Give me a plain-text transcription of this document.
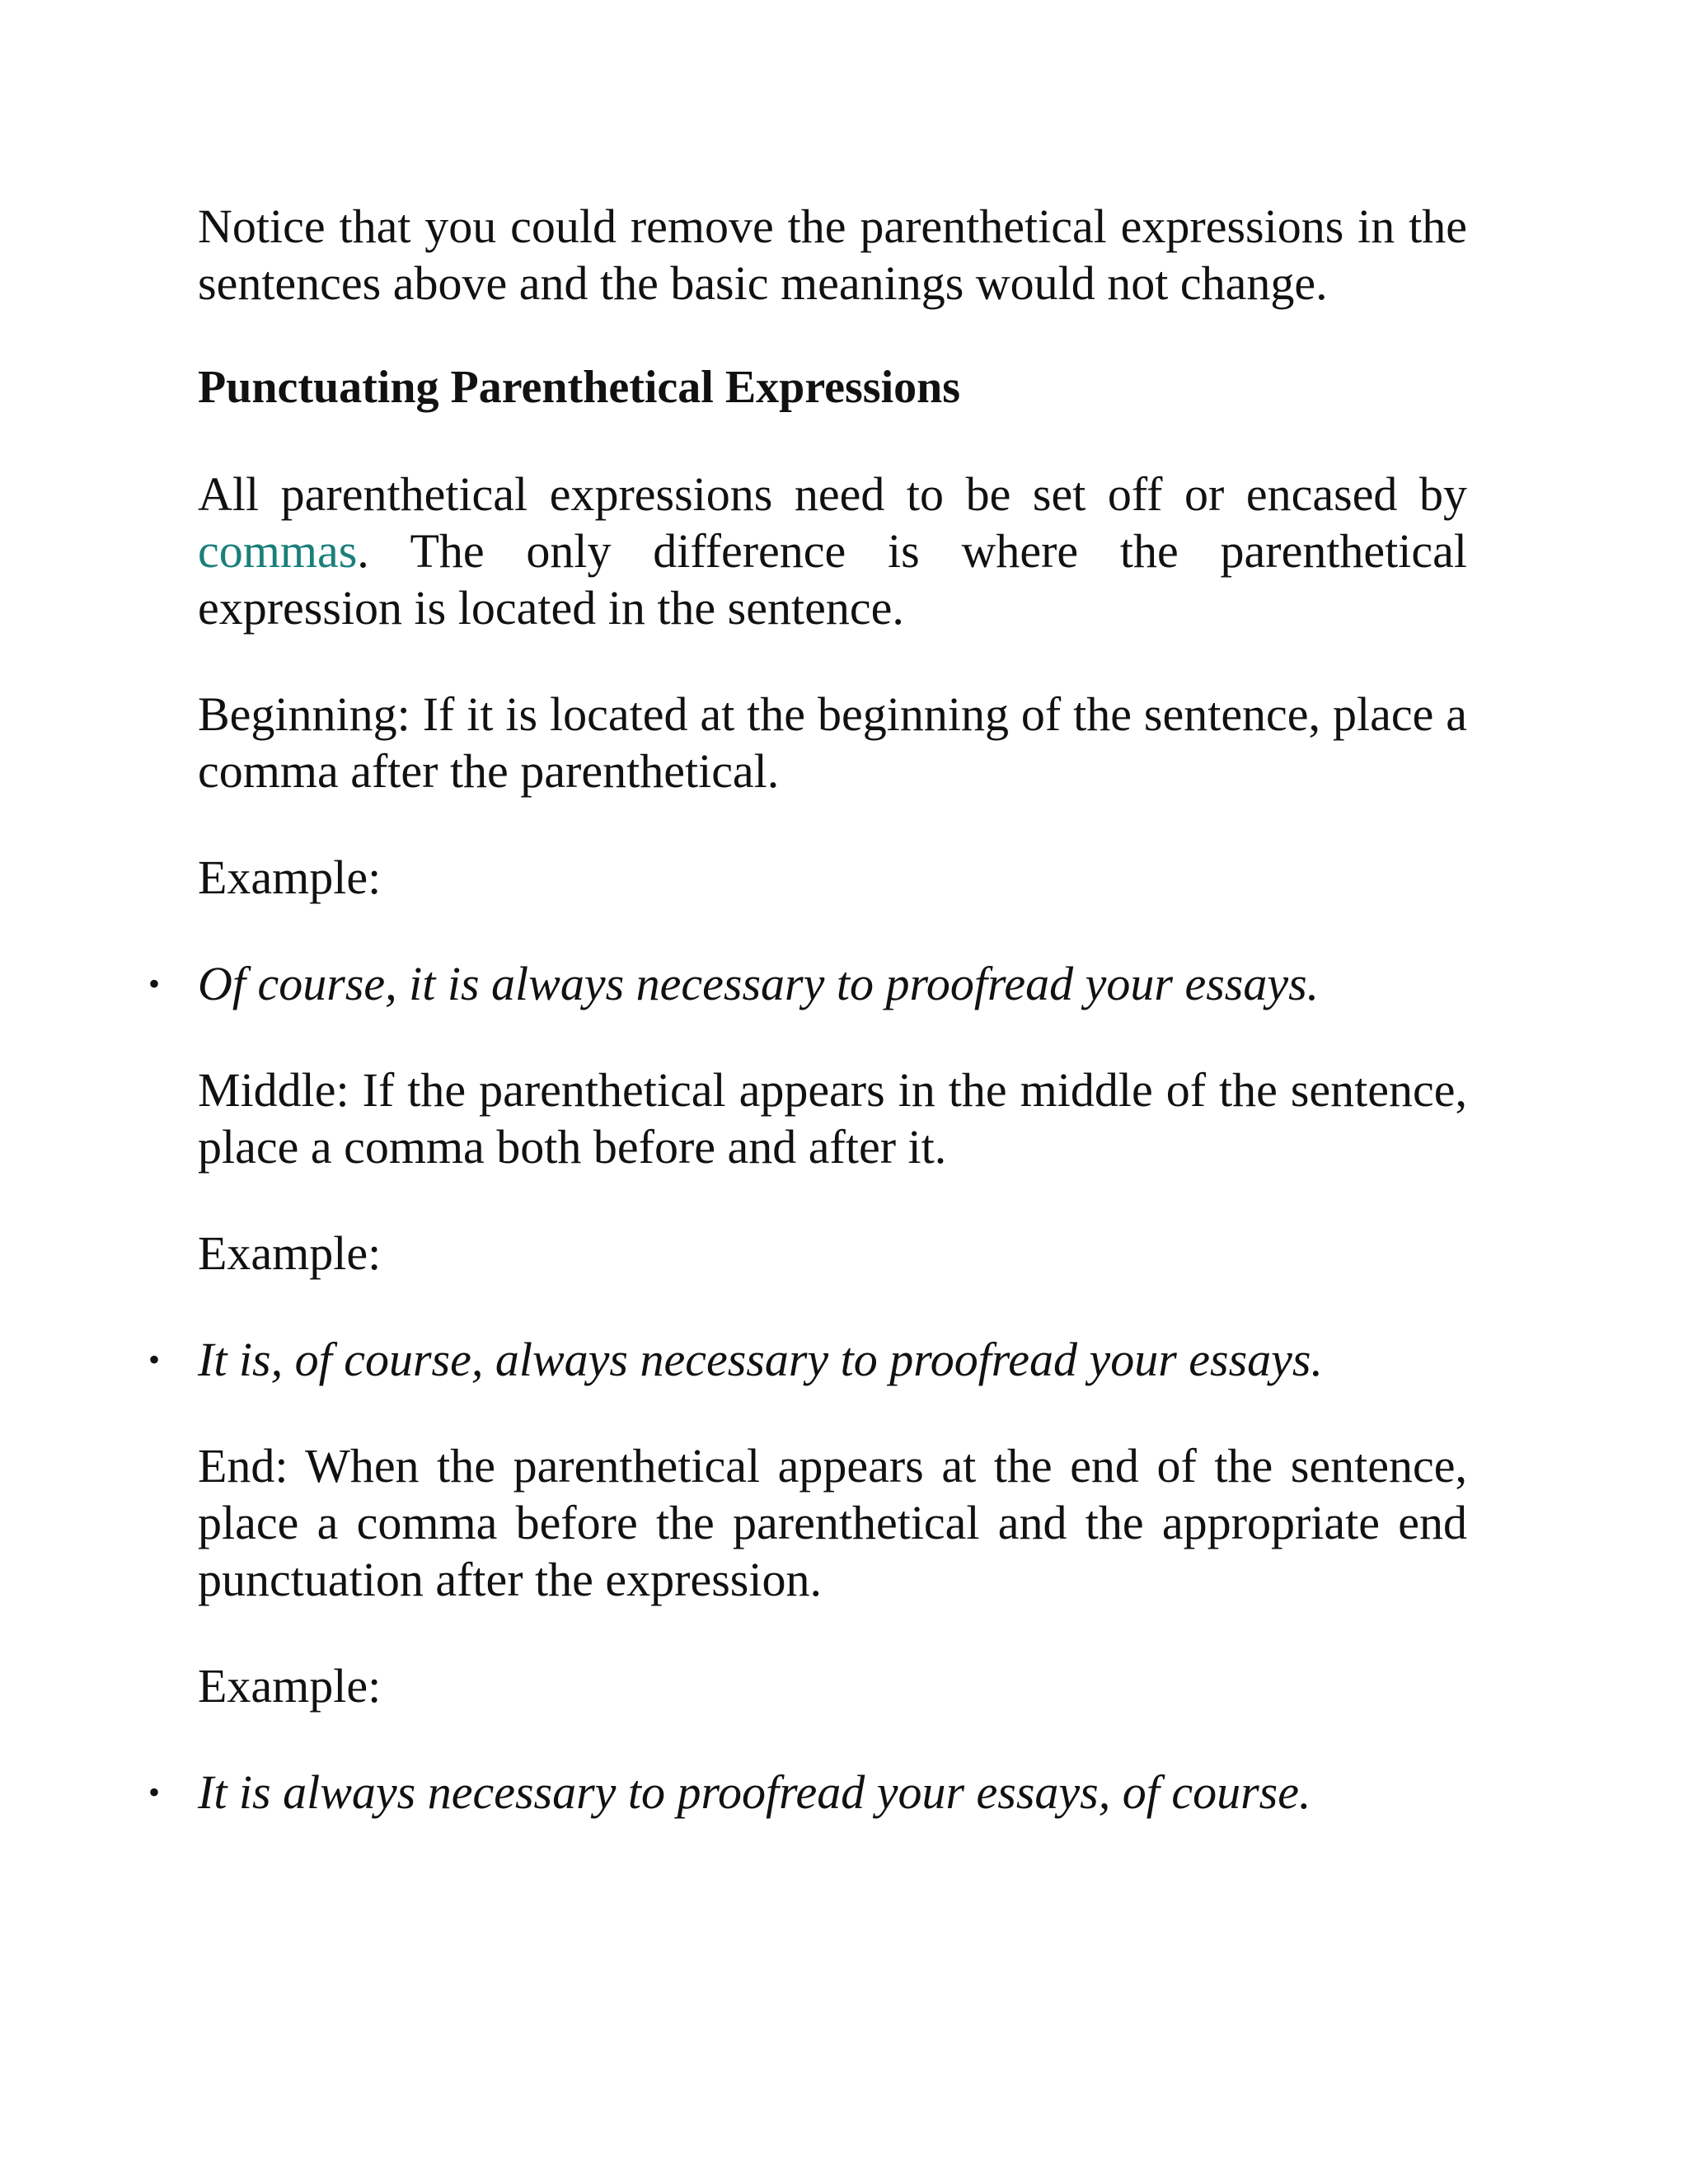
Notice that you could remove the parenthetical expressions in the sentences above and the basic meanings would not change.

Punctuating Parenthetical Expressions

All parenthetical expressions need to be set off or encased by commas. The only difference is where the parenthetical expression is located in the sentence.

Beginning: If it is located at the beginning of the sentence, place a comma after the parenthetical.

Example:

• Of course, it is always necessary to proofread your essays.

Middle: If the parenthetical appears in the middle of the sentence, place a comma both before and after it.

Example:

• It is, of course, always necessary to proofread your essays.

End: When the parenthetical appears at the end of the sentence, place a comma before the parenthetical and the appropriate end punctuation after the expression.

Example:

• It is always necessary to proofread your essays, of course.
